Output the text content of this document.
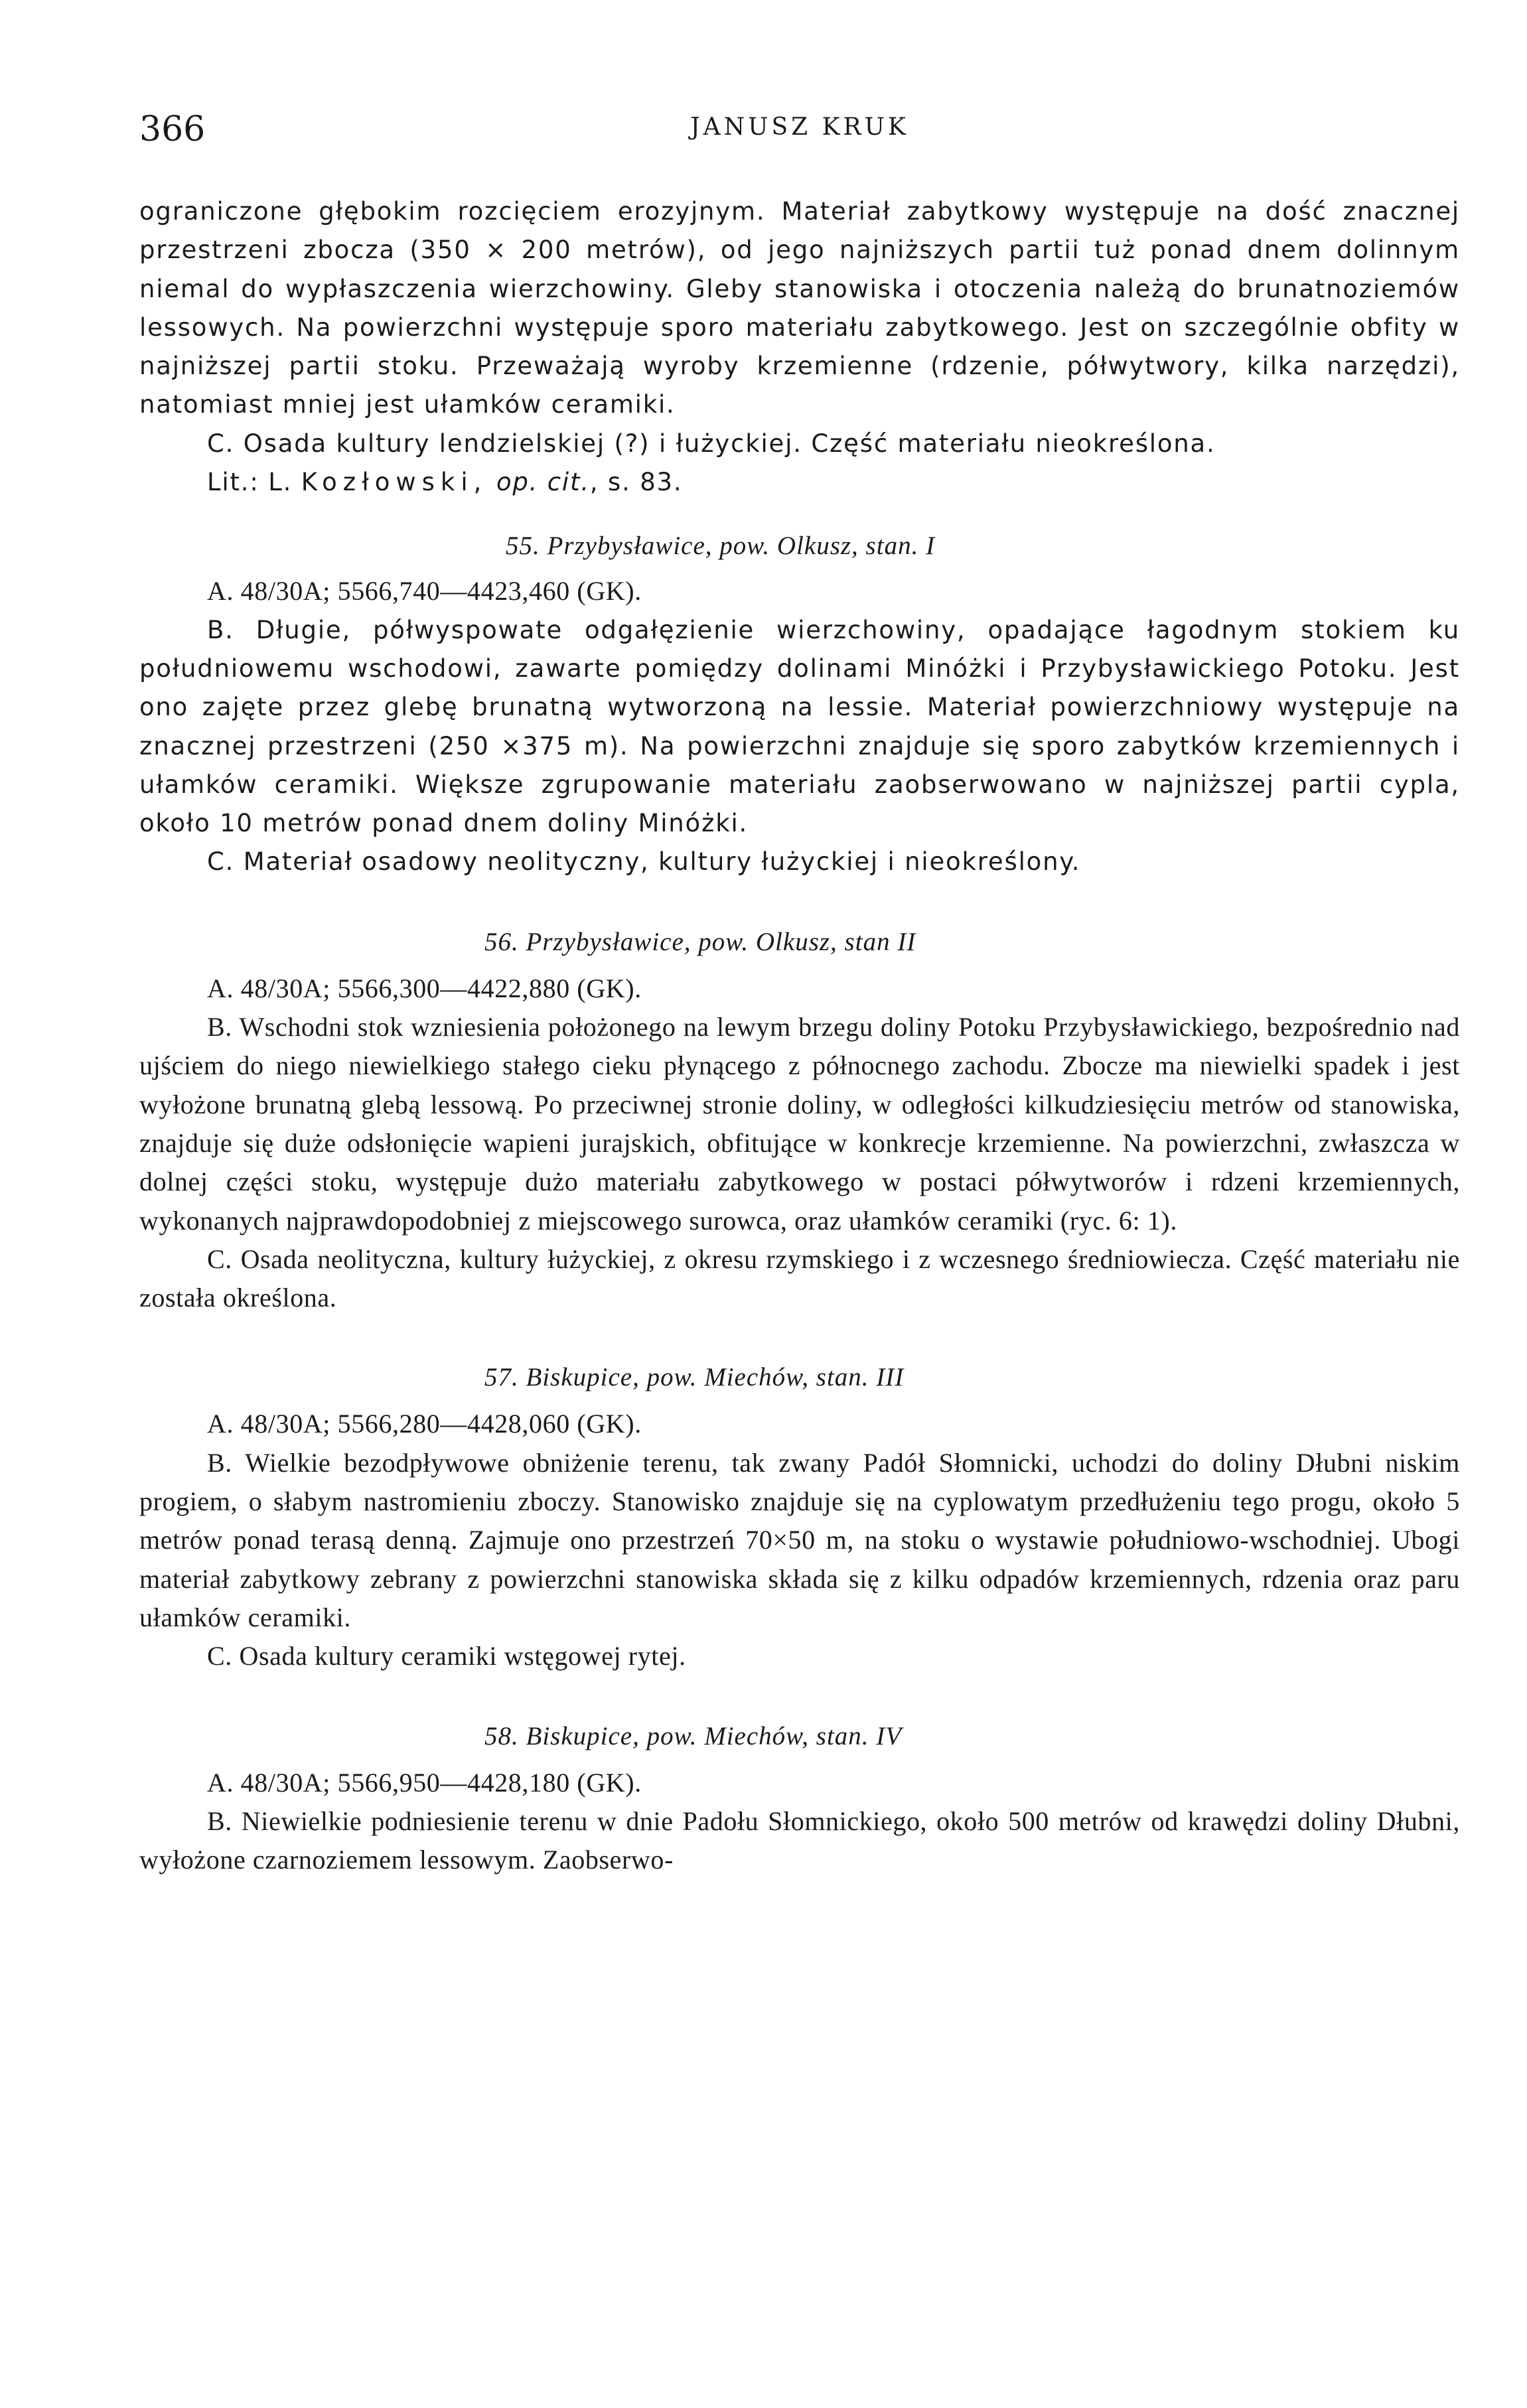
366	JANUSZ KRUK

ograniczone głębokim rozcięciem erozyjnym. Materiał zabytkowy występuje na dość znacznej przestrzeni zbocza (350 × 200 metrów), od jego najniższych partii tuż ponad dnem dolinnym niemal do wypłaszczenia wierzchowiny. Gleby stanowiska i otoczenia należą do brunatnoziemów lessowych. Na powierzchni występuje sporo materiału zabytkowego. Jest on szczególnie obfity w najniższej partii stoku. Przeważają wyroby krzemienne (rdzenie, półwytwory, kilka narzędzi), natomiast mniej jest ułamków ceramiki.

C. Osada kultury lendzielskiej (?) i łużyckiej. Część materiału nieokreślona.

Lit.: L. Kozłowski, op. cit., s. 83.

55. Przybysławice, pow. Olkusz, stan. I

A. 48/30A; 5566,740—4423,460 (GK).

B. Długie, półwyspowate odgałęzienie wierzchowiny, opadające łagodnym stokiem ku południowemu wschodowi, zawarte pomiędzy dolinami Minóżki i Przybysławickiego Potoku. Jest ono zajęte przez glebę brunatną wytworzoną na lessie. Materiał powierzchniowy występuje na znacznej przestrzeni (250 ×375 m). Na powierzchni znajduje się sporo zabytków krzemiennych i ułamków ceramiki. Większe zgrupowanie materiału zaobserwowano w najniższej partii cypla, około 10 metrów ponad dnem doliny Minóżki.

C. Materiał osadowy neolityczny, kultury łużyckiej i nieokreślony.

56. Przybysławice, pow. Olkusz, stan II

A. 48/30A; 5566,300—4422,880 (GK).

B. Wschodni stok wzniesienia położonego na lewym brzegu doliny Potoku Przybysławickiego, bezpośrednio nad ujściem do niego niewielkiego stałego cieku płynącego z północnego zachodu. Zbocze ma niewielki spadek i jest wyłożone brunatną glebą lessową. Po przeciwnej stronie doliny, w odległości kilkudziesięciu metrów od stanowiska, znajduje się duże odsłonięcie wapieni jurajskich, obfitujące w konkrecje krzemienne. Na powierzchni, zwłaszcza w dolnej części stoku, występuje dużo materiału zabytkowego w postaci półwytworów i rdzeni krzemiennych, wykonanych najprawdopodobniej z miejscowego surowca, oraz ułamków ceramiki (ryc. 6: 1).

C. Osada neolityczna, kultury łużyckiej, z okresu rzymskiego i z wczesnego średniowiecza. Część materiału nie została określona.

57. Biskupice, pow. Miechów, stan. III

A. 48/30A; 5566,280—4428,060 (GK).

B. Wielkie bezodpływowe obniżenie terenu, tak zwany Padół Słomnicki, uchodzi do doliny Dłubni niskim progiem, o słabym nastromieniu zboczy. Stanowisko znajduje się na cyplowatym przedłużeniu tego progu, około 5 metrów ponad terasą denną. Zajmuje ono przestrzeń 70×50 m, na stoku o wystawie południowo-wschodniej. Ubogi materiał zabytkowy zebrany z powierzchni stanowiska składa się z kilku odpadów krzemiennych, rdzenia oraz paru ułamków ceramiki.

C. Osada kultury ceramiki wstęgowej rytej.

58. Biskupice, pow. Miechów, stan. IV

A. 48/30A; 5566,950—4428,180 (GK).

B. Niewielkie podniesienie terenu w dnie Padołu Słomnickiego, około 500 metrów od krawędzi doliny Dłubni, wyłożone czarnoziemem lessowym. Zaobserwo-
